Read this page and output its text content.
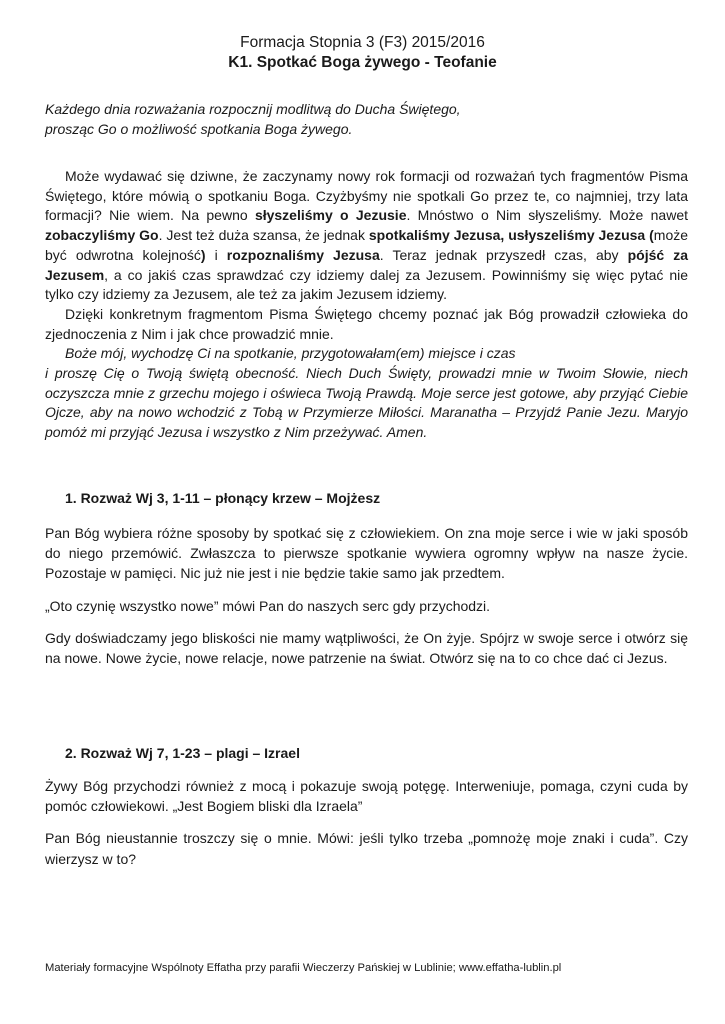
Formacja Stopnia 3 (F3) 2015/2016
K1. Spotkać Boga żywego - Teofanie
Każdego dnia rozważania rozpocznij modlitwą do Ducha Świętego,
prosząc Go o możliwość spotkania Boga żywego.

Może wydawać się dziwne, że zaczynamy nowy rok formacji od rozważań tych fragmentów Pisma Świętego, które mówią o spotkaniu Boga. Czyżbyśmy nie spotkali Go przez te, co najmniej, trzy lata formacji? Nie wiem. Na pewno słyszeliśmy o Jezusie. Mnóstwo o Nim słyszeliśmy. Może nawet zobaczyliśmy Go. Jest też duża szansa, że jednak spotkaliśmy Jezusa, usłyszeliśmy Jezusa (może być odwrotna kolejność) i rozpoznaliśmy Jezusa. Teraz jednak przyszedł czas, aby pójść za Jezusem, a co jakiś czas sprawdzać czy idziemy dalej za Jezusem. Powinniśmy się więc pytać nie tylko czy idziemy za Jezusem, ale też za jakim Jezusem idziemy.

Dzięki konkretnym fragmentom Pisma Świętego chcemy poznać jak Bóg prowadził człowieka do zjednoczenia z Nim i jak chce prowadzić mnie.

Boże mój, wychodzę Ci na spotkanie, przygotowałam(em) miejsce i czas

i proszę Cię o Twoją świętą obecność. Niech Duch Święty, prowadzi mnie w Twoim Słowie, niech oczyszcza mnie z grzechu mojego i oświeca Twoją Prawdą. Moje serce jest gotowe, aby przyjąć Ciebie Ojcze, aby na nowo wchodzić z Tobą w Przymierze Miłości. Maranatha – Przyjdź Panie Jezu. Maryjo pomóż mi przyjąć Jezusa i wszystko z Nim przeżywać. Amen.

1. Rozważ Wj 3, 1-11 – płonący krzew – Mojżesz

Pan Bóg wybiera różne sposoby by spotkać się z człowiekiem. On zna moje serce i wie w jaki sposób do niego przemówić. Zwłaszcza to pierwsze spotkanie wywiera ogromny wpływ na nasze życie. Pozostaje w pamięci. Nic już nie jest i nie będzie takie samo jak przedtem.

„Oto czynię wszystko nowe” mówi Pan do naszych serc gdy przychodzi.

Gdy doświadczamy jego bliskości nie mamy wątpliwości, że On żyje. Spójrz w swoje serce i otwórz się na nowe. Nowe życie, nowe relacje, nowe patrzenie na świat. Otwórz się na to co chce dać ci Jezus.

2. Rozważ Wj 7, 1-23 – plagi – Izrael

Żywy Bóg przychodzi również z mocą i pokazuje swoją potęgę. Interweniuje, pomaga, czyni cuda by pomóc człowiekowi. „Jest Bogiem bliski dla Izraela”

Pan Bóg nieustannie troszczy się o mnie. Mówi: jeśli tylko trzeba „pomnożę moje znaki i cuda”. Czy wierzysz w to?

Materiały formacyjne Wspólnoty Effatha przy parafii Wieczerzy Pańskiej w Lublinie; www.effatha-lublin.pl
